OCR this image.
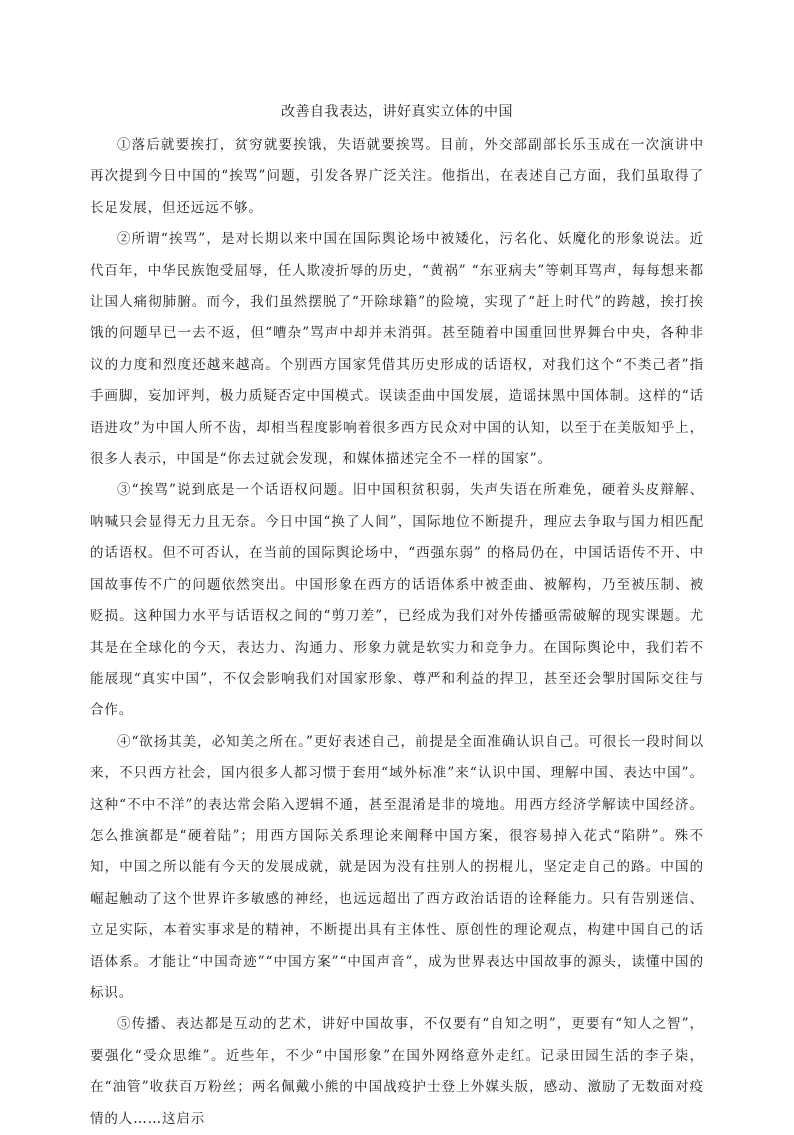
改善自我表达，讲好真实立体的中国

①落后就要挨打，贫穷就要挨饿，失语就要挨骂。目前，外交部副部长乐玉成在一次演讲中再次提到今日中国的“挨骂”问题，引发各界广泛关注。他指出，在表述自己方面，我们虽取得了长足发展，但还远远不够。

②所谓“挨骂”，是对长期以来中国在国际舆论场中被矮化，污名化、妖魔化的形象说法。近代百年，中华民族饱受屈辱，任人欺凌折辱的历史，“黄祸” “东亚病夫”等刺耳骂声，每每想来都让国人痛彻肺腑。而今，我们虽然摆脱了“开除球籍”的险境，实现了“赶上时代”的跨越，挨打挨饿的问题早已一去不返，但“嘈杂”骂声中却并未消弭。甚至随着中国重回世界舞台中央，各种非议的力度和烈度还越来越高。个别西方国家凭借其历史形成的话语权，对我们这个“不类己者”指手画脚，妄加评判，极力质疑否定中国模式。误读歪曲中国发展，造谣抹黑中国体制。这样的“话语进攻”为中国人所不齿，却相当程度影响着很多西方民众对中国的认知，以至于在美版知乎上，很多人表示，中国是“你去过就会发现，和媒体描述完全不一样的国家”。

③“挨骂”说到底是一个话语权问题。旧中国积贫积弱，失声失语在所难免，硬着头皮辩解、呐喊只会显得无力且无奈。今日中国“换了人间”，国际地位不断提升，理应去争取与国力相匹配的话语权。但不可否认，在当前的国际舆论场中，“西强东弱” 的格局仍在，中国话语传不开、中国故事传不广的问题依然突出。中国形象在西方的话语体系中被歪曲、被解构，乃至被压制、被贬损。这种国力水平与话语权之间的“剪刀差”，已经成为我们对外传播亟需破解的现实课题。尤其是在全球化的今天，表达力、沟通力、形象力就是软实力和竞争力。在国际舆论中，我们若不能展现“真实中国”，不仅会影响我们对国家形象、尊严和利益的捍卫，甚至还会掣肘国际交往与合作。

④“欲扬其美，必知美之所在。”更好表述自己，前提是全面准确认识自己。可很长一段时间以来，不只西方社会，国内很多人都习惯于套用“域外标准”来“认识中国、理解中国、表达中国”。这种“不中不洋”的表达常会陷入逻辑不通，甚至混淆是非的境地。用西方经济学解读中国经济。怎么推演都是“硬着陆”；用西方国际关系理论来阐释中国方案，很容易掉入花式“陷阱”。殊不知，中国之所以能有今天的发展成就，就是因为没有拄别人的拐棍儿，坚定走自己的路。中国的崛起触动了这个世界许多敏感的神经，也远远超出了西方政治话语的诠释能力。只有告别迷信、立足实际，本着实事求是的精神，不断提出具有主体性、原创性的理论观点，构建中国自己的话语体系。才能让“中国奇迹”“中国方案”“中国声音”，成为世界表达中国故事的源头，读懂中国的标识。

⑤传播、表达都是互动的艺术，讲好中国故事，不仅要有“自知之明”，更要有“知人之智”，要强化“受众思维”。近些年，不少“中国形象”在国外网络意外走红。记录田园生活的李子柒，在“油管”收获百万粉丝；两名佩戴小熊的中国战疫护士登上外媒头版，感动、激励了无数面对疫情的人……这启示
